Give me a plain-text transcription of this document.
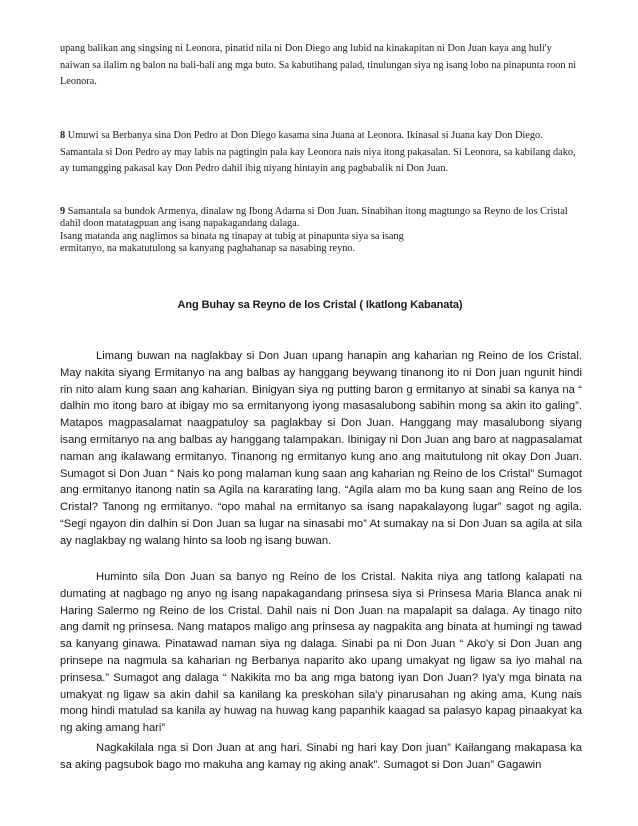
upang balikan ang singsing ni Leonora, pinatid nila ni Don Diego ang lubid na kinakapitan ni Don Juan kaya ang huli'y naiwan sa ilalim ng balon na bali-bali ang mga buto. Sa kabutihang palad, tinulungan siya ng isang lobo na pinapunta roon ni Leonora.

8 Umuwi sa Berbanya sina Don Pedro at Don Diego kasama sina Juana at Leonora. Ikinasal si Juana kay Don Diego. Samantala si Don Pedro ay may labis na pagtingin pala kay Leonora nais niya itong pakasalan. Si Leonora, sa kabilang dako, ay tumangging pakasal kay Don Pedro dahil ibig niyang hintayin ang pagbabalik ni Don Juan.

9 Samantala sa bundok Armenya, dinalaw ng Ibong Adarna si Don Juan. Sinabihan itong magtungo sa Reyno de los Cristal dahil doon matatagpuan ang isang napakagandang dalaga.
Isang matanda ang naglimos sa binata ng tinapay at tubig at pinapunta siya sa isang
ermitanyo, na makatutulong sa kanyang paghahanap sa nasabing reyno.

Ang Buhay sa Reyno de los Cristal ( Ikatlong Kabanata)

Limang buwan na naglakbay si Don Juan upang hanapin ang kaharian ng Reino de los Cristal. May nakita siyang Ermitanyo na ang balbas ay hanggang beywang tinanong ito ni Don juan ngunit hindi rin nito alam kung saan ang kaharian. Binigyan siya ng putting baron g ermitanyo at sinabi sa kanya na “ dalhin mo itong baro at ibigay mo sa ermitanyong iyong masasalubong sabihin mong sa akin ito galing”. Matapos magpasalamat naagpatuloy sa paglakbay si Don Juan. Hanggang may masalubong siyang isang ermitanyo na ang balbas ay hanggang talampakan. Ibinigay ni Don Juan ang baro at nagpasalamat naman ang ikalawang ermitanyo. Tinanong ng ermitanyo kung ano ang maitutulong nit okay Don Juan. Sumagot si Don Juan “ Nais ko pong malaman kung saan ang kaharian ng Reino de los Cristal” Sumagot ang ermitanyo itanong natin sa Agila na kararating lang. “Agila alam mo ba kung saan ang Reino de los Cristal? Tanong ng ermitanyo. “opo mahal na ermitanyo sa isang napakalayong lugar” sagot ng agila. “Segi ngayon din dalhin si Don Juan sa lugar na sinasabi mo” At sumakay na si Don Juan sa agila at sila ay naglakbay ng walang hinto sa loob ng isang buwan.

Huminto sila Don Juan sa banyo ng Reino de los Cristal. Nakita niya ang tatlong kalapati na dumating at nagbago ng anyo ng isang napakagandang prinsesa siya si Prinsesa Maria Blanca anak ni Haring Salermo ng Reino de los Cristal. Dahil nais ni Don Juan na mapalapit sa dalaga. Ay tinago nito ang damit ng prinsesa. Nang matapos maligo ang prinsesa ay nagpakita ang binata at humingi ng tawad sa kanyang ginawa. Pinatawad naman siya ng dalaga. Sinabi pa ni Don Juan “ Ako'y si Don Juan ang prinsepe na nagmula sa kaharian ng Berbanya naparito ako upang umakyat ng ligaw sa iyo mahal na prinsesa.” Sumagot ang dalaga “ Nakikita mo ba ang mga batong iyan Don Juan? Iya'y mga binata na umakyat ng ligaw sa akin dahil sa kanilang ka preskohan sila'y pinarusahan ng aking ama, Kung nais mong hindi matulad sa kanila ay huwag na huwag kang papanhik kaagad sa palasyo kapag pinaakyat ka ng aking amang hari”

Nagkakilala nga si Don Juan at ang hari. Sinabi ng hari kay Don juan” Kailangang makapasa ka sa aking pagsubok bago mo makuha ang kamay ng aking anak”. Sumagot si Don Juan” Gagawin
